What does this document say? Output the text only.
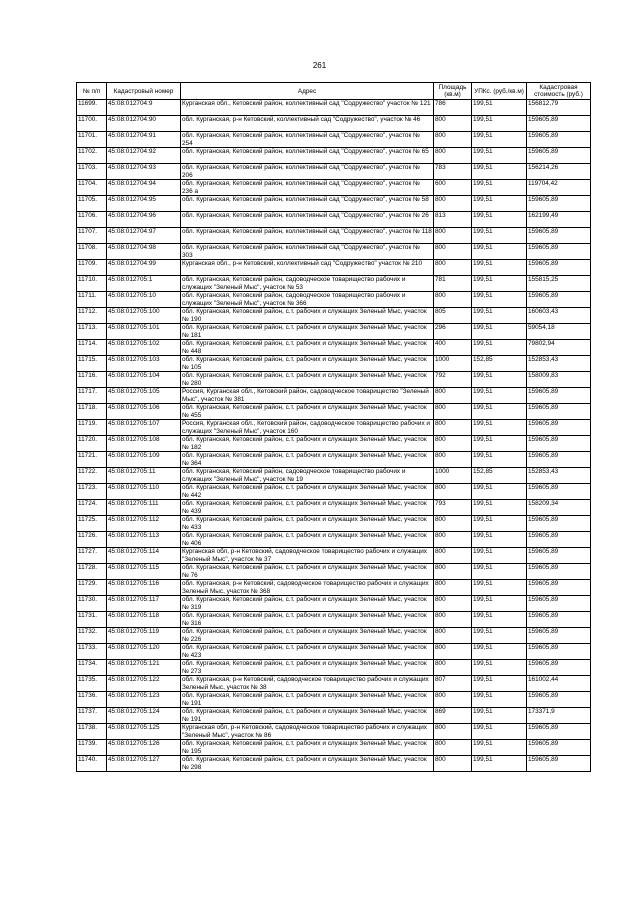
261
№ п/п	Кадастровый номер	Адрес	Площадь (кв.м)	УПКс. (руб./кв.м)	Кадастровая стоимость (руб.)
11699.	45:08:012704:9	Курганская обл., Кетовский район, коллективный сад "Содружество" участок № 121	786	199,51	156812,79
11700.	45:08:012704:90	обл. Курганская, р-н Кетовский, коллективный сад "Содружество", участок № 46	800	199,51	159605,89
11701.	45:08:012704:91	обл. Курганская, Кетовский район, коллективный сад "Содружество", участок № 254	800	199,51	159605,89
11702.	45:08:012704:92	обл. Курганская, Кетовский район, коллективный сад "Содружество", участок № 65	800	199,51	159605,89
11703.	45:08:012704:93	обл. Курганская, Кетовский район, коллективный сад "Содружество", участок № 206	783	199,51	156214,26
11704.	45:08:012704:94	обл. Курганская, Кетовский район, коллективный сад "Содружество", участок № 236 а	600	199,51	119704,42
11705.	45:08:012704:95	обл. Курганская, Кетовский район, коллективный сад "Содружество", участок № 58	800	199,51	159605,89
11706.	45:08:012704:96	обл. Курганская, Кетовский район, коллективный сад "Содружество", участок № 26	813	199,51	162199,49
11707.	45:08:012704:97	обл. Курганская, Кетовский район, коллективный сад "Содружество", участок № 118	800	199,51	159605,89
11708.	45:08:012704:98	обл. Курганская, Кетовский район, коллективный сад "Содружество", участок № 303	800	199,51	159605,89
11709.	45:08:012704:99	Курганская обл., р-н Кетовский, коллективный сад "Содружество" участок № 210	800	199,51	159605,89
11710.	45:08:012705:1	обл. Курганская, Кетовский район, садоводческое товарищество рабочих и служащих "Зеленый Мыс", участок № 53	781	199,51	155815,25
11711.	45:08:012705:10	обл. Курганская, Кетовский район, садоводческое товарищество рабочих и служащих "Зеленый Мыс", участок № 366	800	199,51	159605,89
11712.	45:08:012705:100	обл. Курганская, Кетовский район, с.т. рабочих и служащих Зеленый Мыс, участок № 190	805	199,51	160603,43
11713.	45:08:012705:101	обл. Курганская, Кетовский район, с.т. рабочих и служащих Зеленый Мыс, участок № 181	296	199,51	59054,18
11714.	45:08:012705:102	обл. Курганская, Кетовский район, с.т. рабочих и служащих Зеленый Мыс, участок № 448	400	199,51	79802,94
11715.	45:08:012705:103	обл. Курганская, Кетовский район, с.т. рабочих и служащих Зеленый Мыс, участок № 105	1000	152,85	152853,43
11716.	45:08:012705:104	обл. Курганская, Кетовский район, с.т. рабочих и служащих Зеленый Мыс, участок № 280	792	199,51	158009,83
11717.	45:08:012705:105	Россия, Курганская обл., Кетовский район, садоводческое товарищество "Зеленый Мыс", участок № 381	800	199,51	159605,89
11718.	45:08:012705:106	обл. Курганская, Кетовский район, с.т. рабочих и служащих Зеленый Мыс, участок № 455	800	199,51	159605,89
11719.	45:08:012705:107	Россия, Курганская обл., Кетовский район, садоводческое товарищество рабочих и служащих "Зеленый Мыс", участок 160	800	199,51	159605,89
11720.	45:08:012705:108	обл. Курганская, Кетовский район, с.т. рабочих и служащих Зеленый Мыс, участок № 182	800	199,51	159605,89
11721.	45:08:012705:109	обл. Курганская, Кетовский район, с.т. рабочих и служащих Зеленый Мыс, участок № 364	800	199,51	159605,89
11722.	45:08:012705:11	обл. Курганская, Кетовский район, садоводческое товарищество рабочих и служащих "Зеленый Мыс", участок № 19	1000	152,85	152853,43
11723.	45:08:012705:110	обл. Курганская, Кетовский район, с.т. рабочих и служащих Зеленый Мыс, участок № 442	800	199,51	159605,89
11724.	45:08:012705:111	обл. Курганская, Кетовский район, с.т. рабочих и служащих Зеленый Мыс, участок № 439	793	199,51	158209,34
11725.	45:08:012705:112	обл. Курганская, Кетовский район, с.т. рабочих и служащих Зеленый Мыс, участок № 433	800	199,51	159605,89
11726.	45:08:012705:113	обл. Курганская, Кетовский район, с.т. рабочих и служащих Зеленый Мыс, участок № 406	800	199,51	159605,89
11727.	45:08:012705:114	Курганская обл, р-н Кетовский, садоводческое товарищество рабочих и служащих "Зеленый Мыс", участок № 37	800	199,51	159605,89
11728.	45:08:012705:115	обл. Курганская, Кетовский район, с.т. рабочих и служащих Зеленый Мыс, участок № 76	800	199,51	159605,89
11729.	45:08:012705:116	обл. Курганская, р-н Кетовский, садоводческое товарищество рабочих и служащих Зеленый Мыс, участок № 368	800	199,51	159605,89
11730.	45:08:012705:117	обл. Курганская, Кетовский район, с.т. рабочих и служащих Зеленый Мыс, участок № 319	800	199,51	159605,89
11731.	45:08:012705:118	обл. Курганская, Кетовский район, с.т. рабочих и служащих Зеленый Мыс, участок № 316	800	199,51	159605,89
11732.	45:08:012705:119	обл. Курганская, Кетовский район, с.т. рабочих и служащих Зеленый Мыс, участок № 226	800	199,51	159605,89
11733.	45:08:012705:120	обл. Курганская, Кетовский район, с.т. рабочих и служащих Зеленый Мыс, участок № 423	800	199,51	159605,89
11734.	45:08:012705:121	обл. Курганская, Кетовский район, с.т. рабочих и служащих Зеленый Мыс, участок № 273	800	199,51	159605,89
11735.	45:08:012705:122	обл. Курганская, р-н Кетовский, садоводческое товарищество рабочих и служащих Зеленый Мыс, участок № 38	807	199,51	161002,44
11736.	45:08:012705:123	обл. Курганская, Кетовский район, с.т. рабочих и служащих Зеленый Мыс, участок № 191	800	199,51	159605,89
11737.	45:08:012705:124	обл. Курганская, Кетовский район, с.т. рабочих и служащих Зеленый Мыс, участок № 191	869	199,51	173371,9
11738.	45:08:012705:125	Курганская обл, р-н Кетовский, садоводческое товарищество рабочих и служащих "Зеленый Мыс", участок № 86	800	199,51	159605,89
11739.	45:08:012705:126	обл. Курганская, Кетовский район, с.т. рабочих и служащих Зеленый Мыс, участок № 195	800	199,51	159605,89
11740.	45:08:012705:127	обл. Курганская, Кетовский район, с.т. рабочих и служащих Зеленый Мыс, участок № 298	800	199,51	159605,89
